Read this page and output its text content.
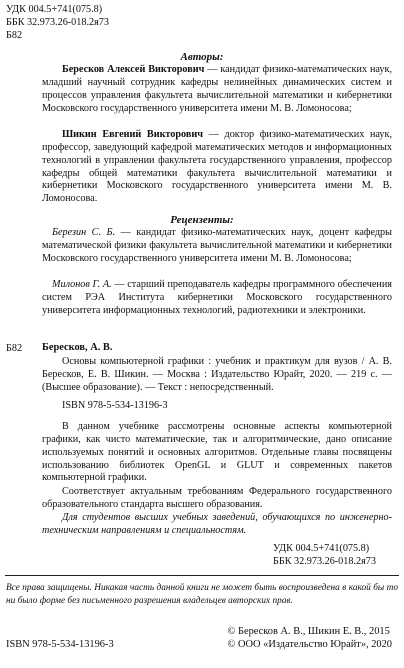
УДК 004.5+741(075.8)
ББК 32.973.26-018.2я73
Б82
Авторы:

Бересков Алексей Викторович — кандидат физико-математических наук, младший научный сотрудник кафедры нелинейных динамических систем и процессов управления факультета вычислительной математики и кибернетики Московского государственного университета имени М. В. Ломоносова;

Шикин Евгений Викторович — доктор физико-математических наук, профессор, заведующий кафедрой математических методов и информационных технологий в управлении факультета государственного управления, профессор кафедры общей математики факультета вычислительной математики и кибернетики Московского государственного университета имени М. В. Ломоносова.

Рецензенты:

Березин С. Б. — кандидат физико-математических наук, доцент кафедры математической физики факультета вычислительной математики и кибернетики Московского государственного университета имени М. В. Ломоносова;

Милонов Г. А. — старший преподаватель кафедры программного обеспечения систем РЭА Института кибернетики Московского государственного университета информационных технологий, радиотехники и электроники.

Б82 Бересков, А. В.

Основы компьютерной графики : учебник и практикум для вузов / А. В. Бересков, Е. В. Шикин. — Москва : Издательство Юрайт, 2020. — 219 с. — (Высшее образование). — Текст : непосредственный.

ISBN 978-5-534-13196-3

В данном учебнике рассмотрены основные аспекты компьютерной графики, как чисто математические, так и алгоритмические, дано описание используемых понятий и основных алгоритмов. Отдельные главы посвящены использованию библиотек OpenGL и GLUT и современных пакетов компьютерной графики.

Соответствует актуальным требованиям Федерального государственного образовательного стандарта высшего образования.

Для студентов высших учебных заведений, обучающихся по инженерно-техническим направлениям и специальностям.

УДК 004.5+741(075.8)
ББК 32.973.26-018.2я73

Все права защищены. Никакая часть данной книги не может быть воспроизведена в какой бы то ни было форме без письменного разрешения владельцев авторских прав.

© Бересков А. В., Шикин Е. В., 2015
© ООО «Издательство Юрайт», 2020
ISBN 978-5-534-13196-3
